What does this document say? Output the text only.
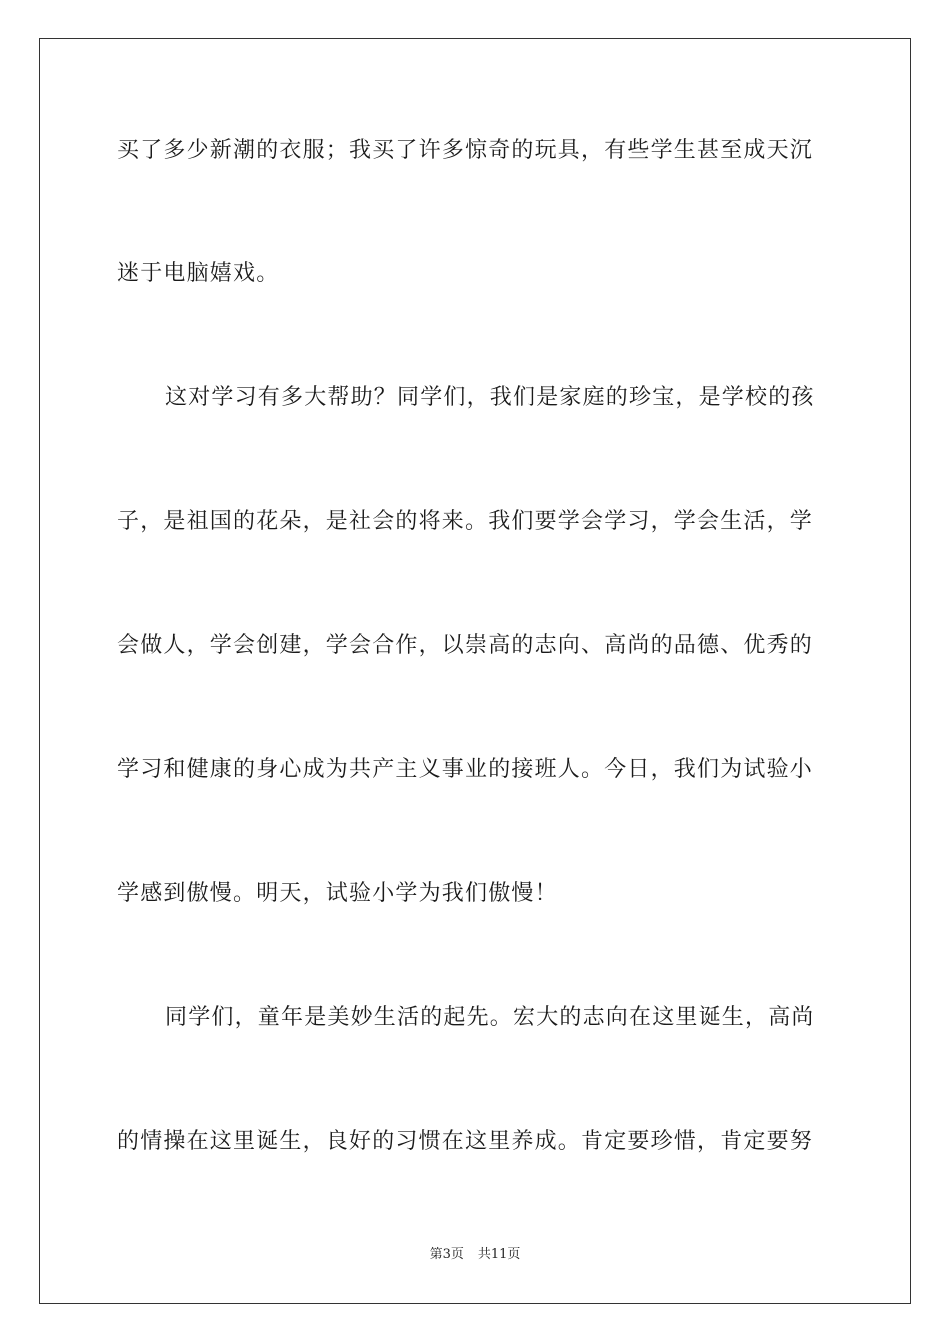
买了多少新潮的衣服；我买了许多惊奇的玩具，有些学生甚至成天沉
迷于电脑嬉戏。
这对学习有多大帮助？同学们，我们是家庭的珍宝，是学校的孩
子，是祖国的花朵，是社会的将来。我们要学会学习，学会生活，学
会做人，学会创建，学会合作，以崇高的志向、高尚的品德、优秀的
学习和健康的身心成为共产主义事业的接班人。今日，我们为试验小
学感到傲慢。明天，试验小学为我们傲慢！
同学们，童年是美妙生活的起先。宏大的志向在这里诞生，高尚
的情操在这里诞生，良好的习惯在这里养成。肯定要珍惜，肯定要努
第3页 共11页
